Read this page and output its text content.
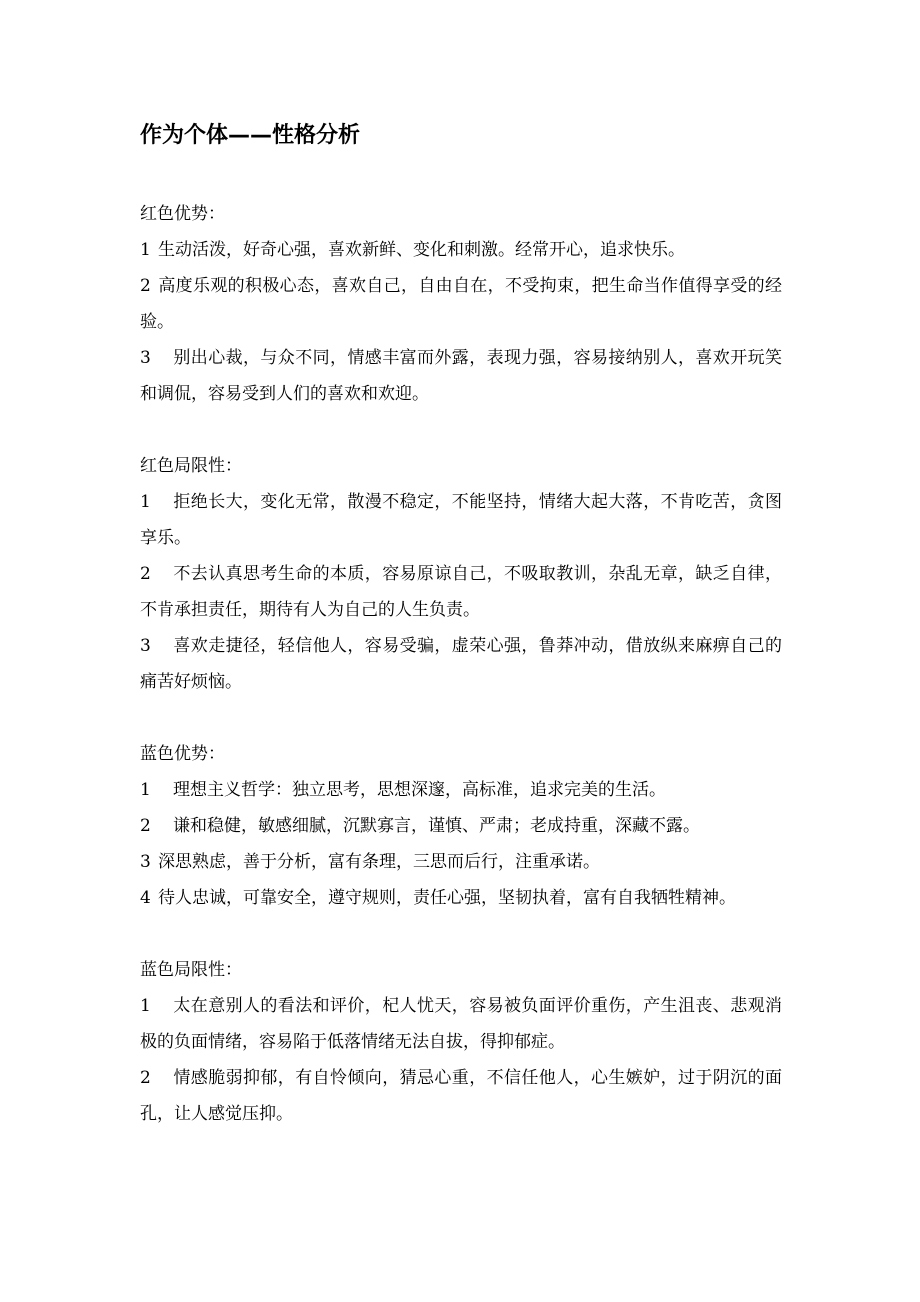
作为个体——性格分析
红色优势：
1 生动活泼，好奇心强，喜欢新鲜、变化和刺激。经常开心，追求快乐。
2 高度乐观的积极心态，喜欢自己，自由自在，不受拘束，把生命当作值得享受的经验。
3 别出心裁，与众不同，情感丰富而外露，表现力强，容易接纳别人，喜欢开玩笑和调侃，容易受到人们的喜欢和欢迎。
红色局限性：
1 拒绝长大，变化无常，散漫不稳定，不能坚持，情绪大起大落，不肯吃苦，贪图享乐。
2 不去认真思考生命的本质，容易原谅自己，不吸取教训，杂乱无章，缺乏自律，不肯承担责任，期待有人为自己的人生负责。
3 喜欢走捷径，轻信他人，容易受骗，虚荣心强，鲁莽冲动，借放纵来麻痹自己的痛苦好烦恼。
蓝色优势：
1 理想主义哲学：独立思考，思想深邃，高标准，追求完美的生活。
2 谦和稳健，敏感细腻，沉默寡言，谨慎、严肃；老成持重，深藏不露。
3 深思熟虑，善于分析，富有条理，三思而后行，注重承诺。
4 待人忠诚，可靠安全，遵守规则，责任心强，坚韧执着，富有自我牺牲精神。
蓝色局限性：
1 太在意别人的看法和评价，杞人忧天，容易被负面评价重伤，产生沮丧、悲观消极的负面情绪，容易陷于低落情绪无法自拔，得抑郁症。
2 情感脆弱抑郁，有自怜倾向，猜忌心重，不信任他人，心生嫉妒，过于阴沉的面孔，让人感觉压抑。
